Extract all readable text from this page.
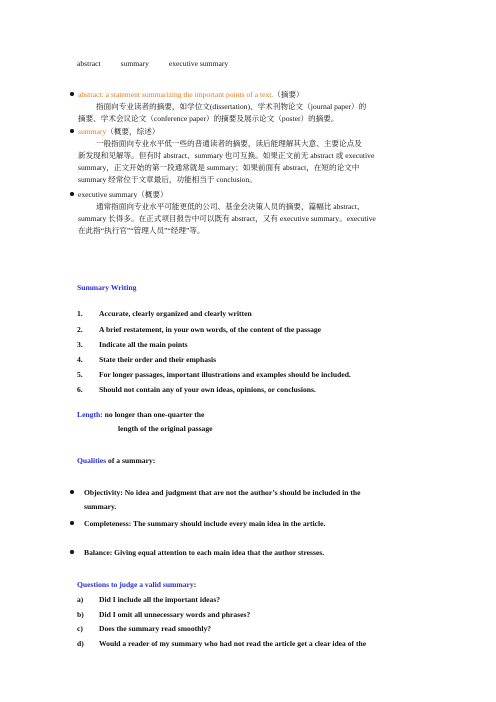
abstract	summary	executive summary
abstract: a statement summarizing the important points of a text.（摘要）
指面向专业读者的摘要，如学位文(dissertation)、学术刊物论文（journal paper）的
摘要、学术会议论文（conference paper）的摘要及展示论文（poster）的摘要。
summary（概要，综述）
一般指面向专业水平低一些的普通读者的摘要，读后能理解其大意、主要论点及
新发现和见解等。但有时 abstract、summary 也可互换。如果正文前无 abstract 或 executive
summary，正文开始的第一段通常就是 summary；如果前面有 abstract，在短的论文中
summary 经常位于文章最后，功能相当于 conclusion。
executive summary（概要）
通常指面向专业水平可能更低的公司、基金会决策人员的摘要，篇幅比 abstract、
summary 长得多。在正式项目报告中可以既有 abstract，又有 executive summary。executive
在此指“执行官”“管理人员”“经理”等。
Summary Writing
1. Accurate, clearly organized and clearly written
2. A brief restatement, in your own words, of the content of the passage
3. Indicate all the main points
4. State their order and their emphasis
5. For longer passages, important illustrations and examples should be included.
6. Should not contain any of your own ideas, opinions, or conclusions.
Length: no longer than one-quarter the
length of the original passage
Qualities of a summary:
Objectivity: No idea and judgment that are not the author’s should be included in the
summary.
Completeness: The summary should include every main idea in the article.
Balance: Giving equal attention to each main idea that the author stresses.
Questions to judge a valid summary:
a) Did I include all the important ideas?
b) Did I omit all unnecessary words and phrases?
c) Does the summary read smoothly?
d) Would a reader of my summary who had not read the article get a clear idea of the
